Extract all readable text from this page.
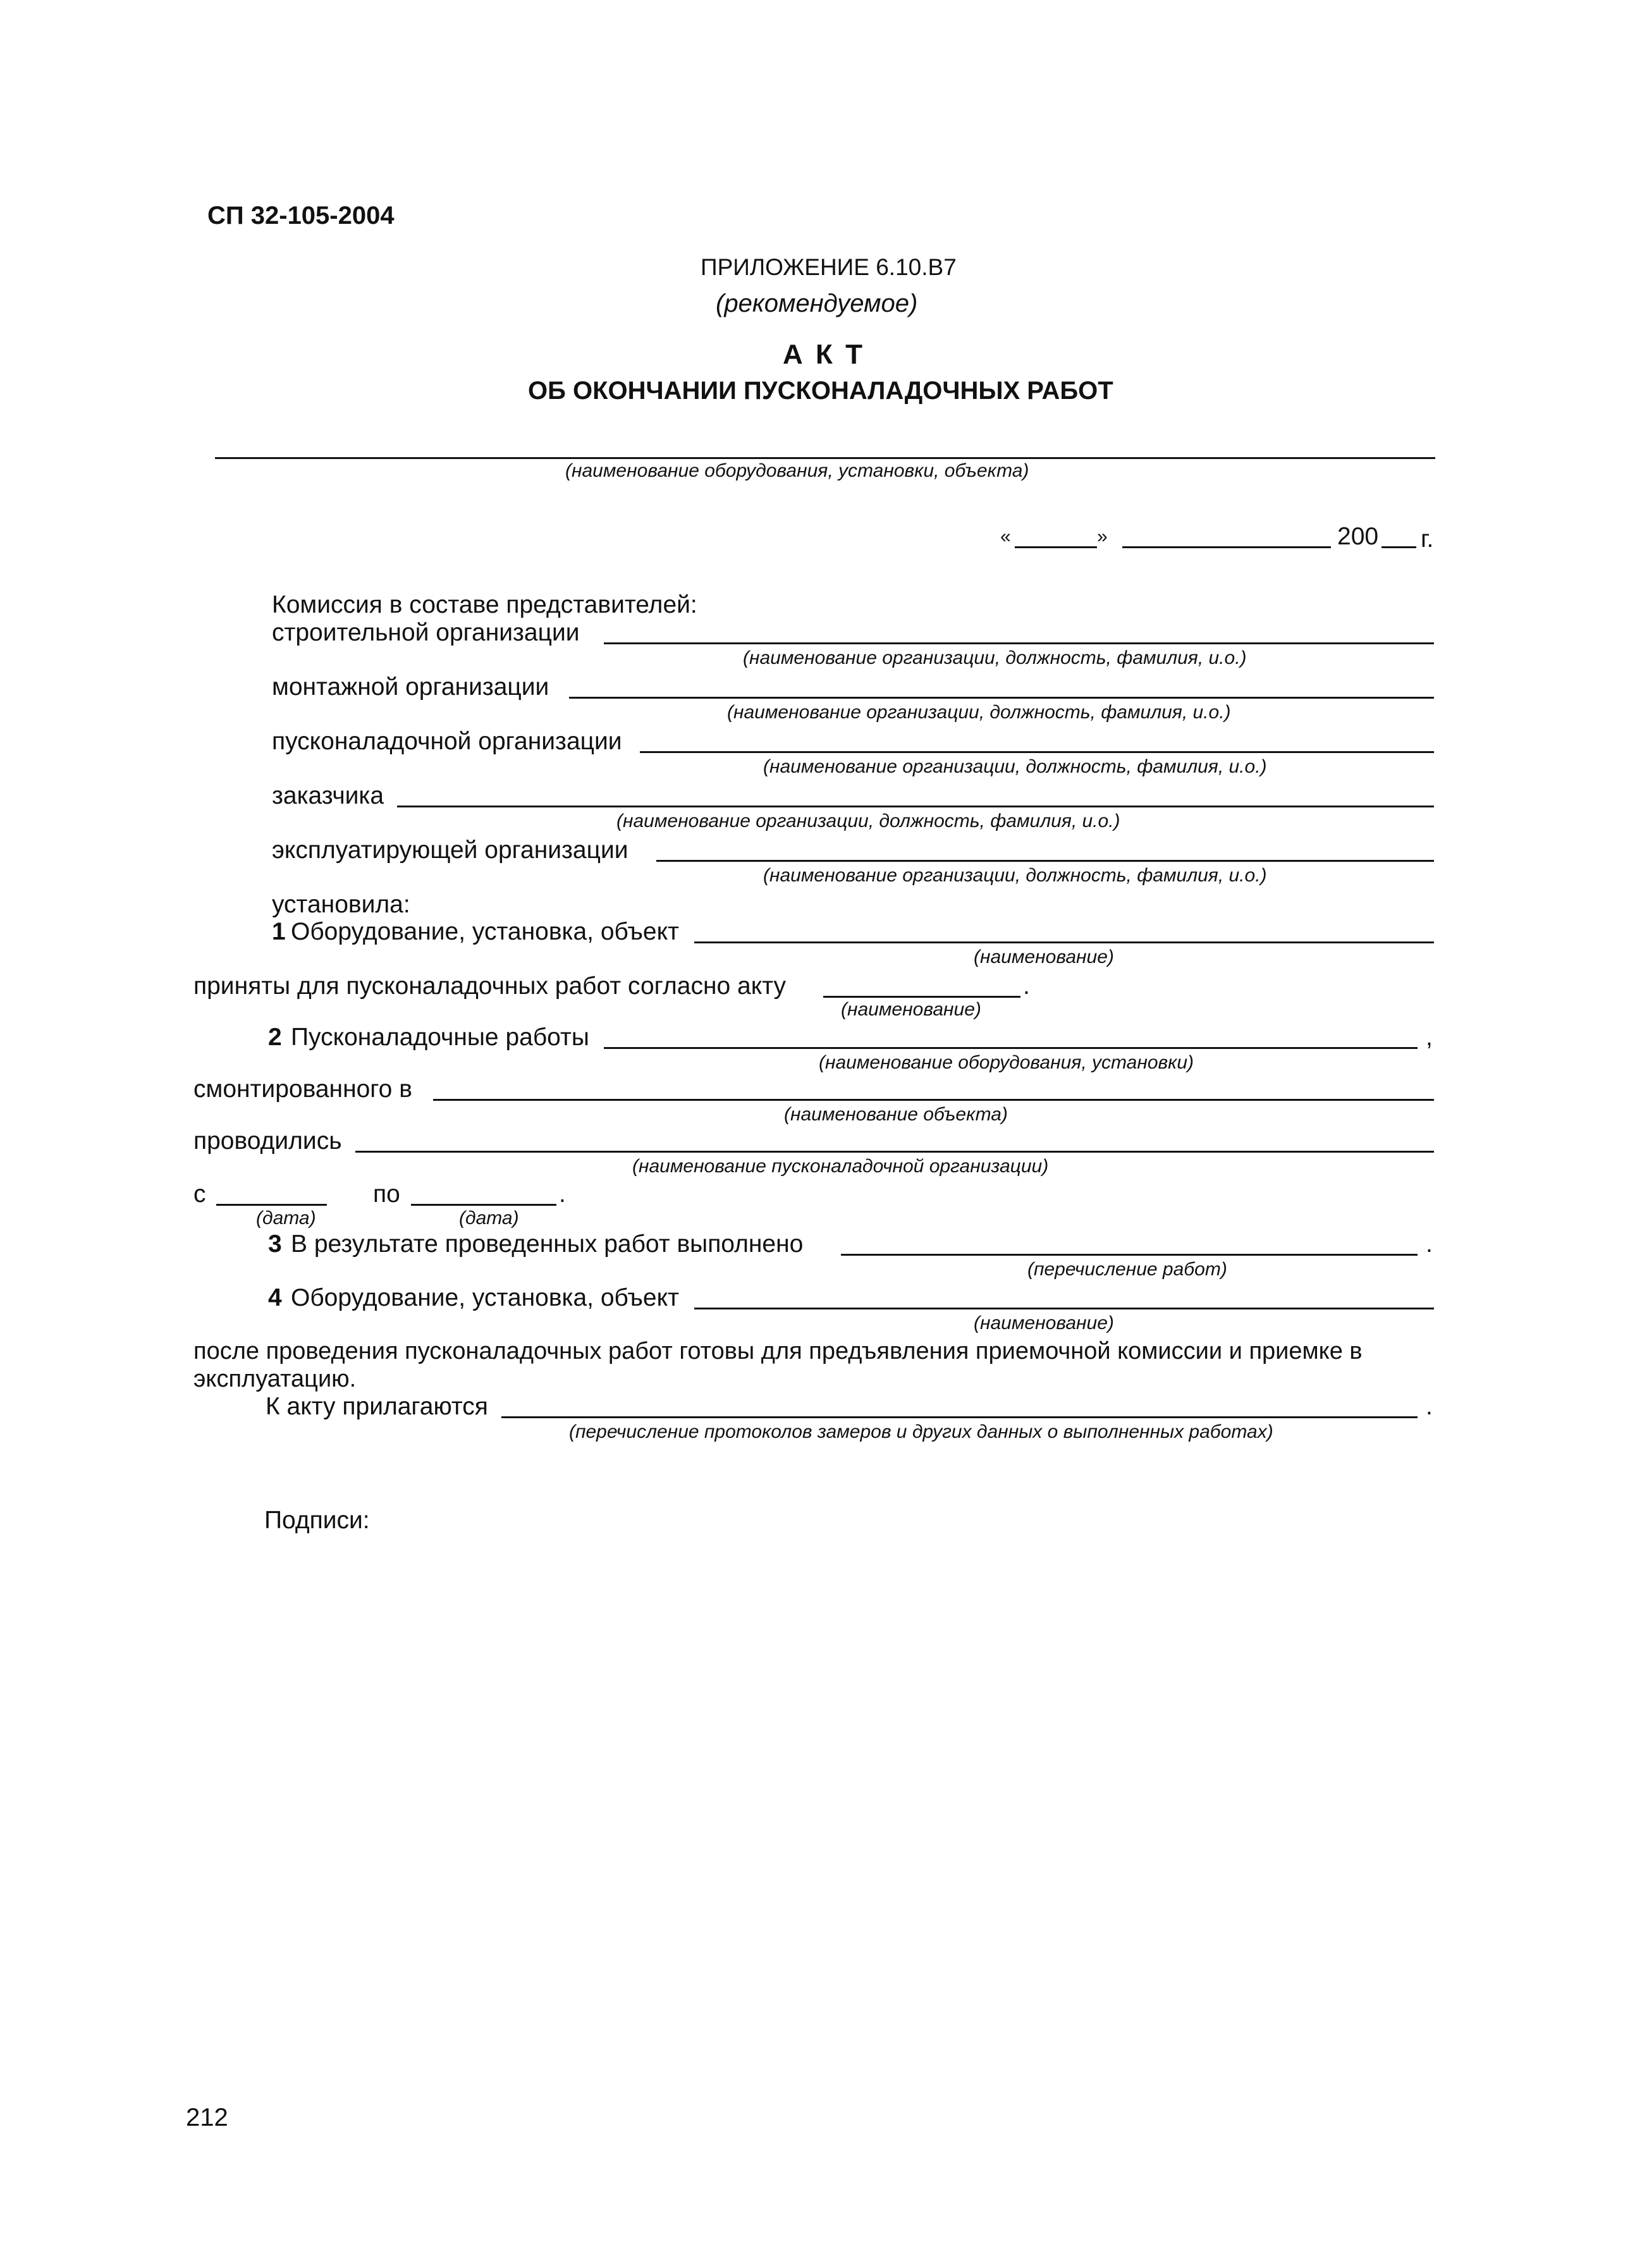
СП 32-105-2004
ПРИЛОЖЕНИЕ 6.10.В7
(рекомендуемое)
А К Т
ОБ ОКОНЧАНИИ ПУСКОНАЛАДОЧНЫХ РАБОТ
(наименование оборудования, установки, объекта)
«	»	200 г.
Комиссия в составе представителей:
строительной организации
(наименование организации, должность, фамилия, и.о.)
монтажной организации
(наименование организации, должность, фамилия, и.о.)
пусконаладочной организации
(наименование организации, должность, фамилия, и.о.)
заказчика
(наименование организации, должность, фамилия, и.о.)
эксплуатирующей организации
(наименование организации, должность, фамилия, и.о.)
установила:
1 Оборудование, установка, объект
(наименование)
приняты для пусконаладочных работ согласно акту	.
(наименование)
2 Пусконаладочные работы	,
(наименование оборудования, установки)
смонтированного в
(наименование объекта)
проводились
(наименование пусконаладочной организации)
с	по	.
(дата)	(дата)
3 В результате проведенных работ выполнено	.
(перечисление работ)
4 Оборудование, установка, объект
(наименование)
после проведения пусконаладочных работ готовы для предъявления приемочной комиссии и приемке в
эксплуатацию.
К акту прилагаются	.
(перечисление протоколов замеров и других данных о выполненных работах)
Подписи:
212
